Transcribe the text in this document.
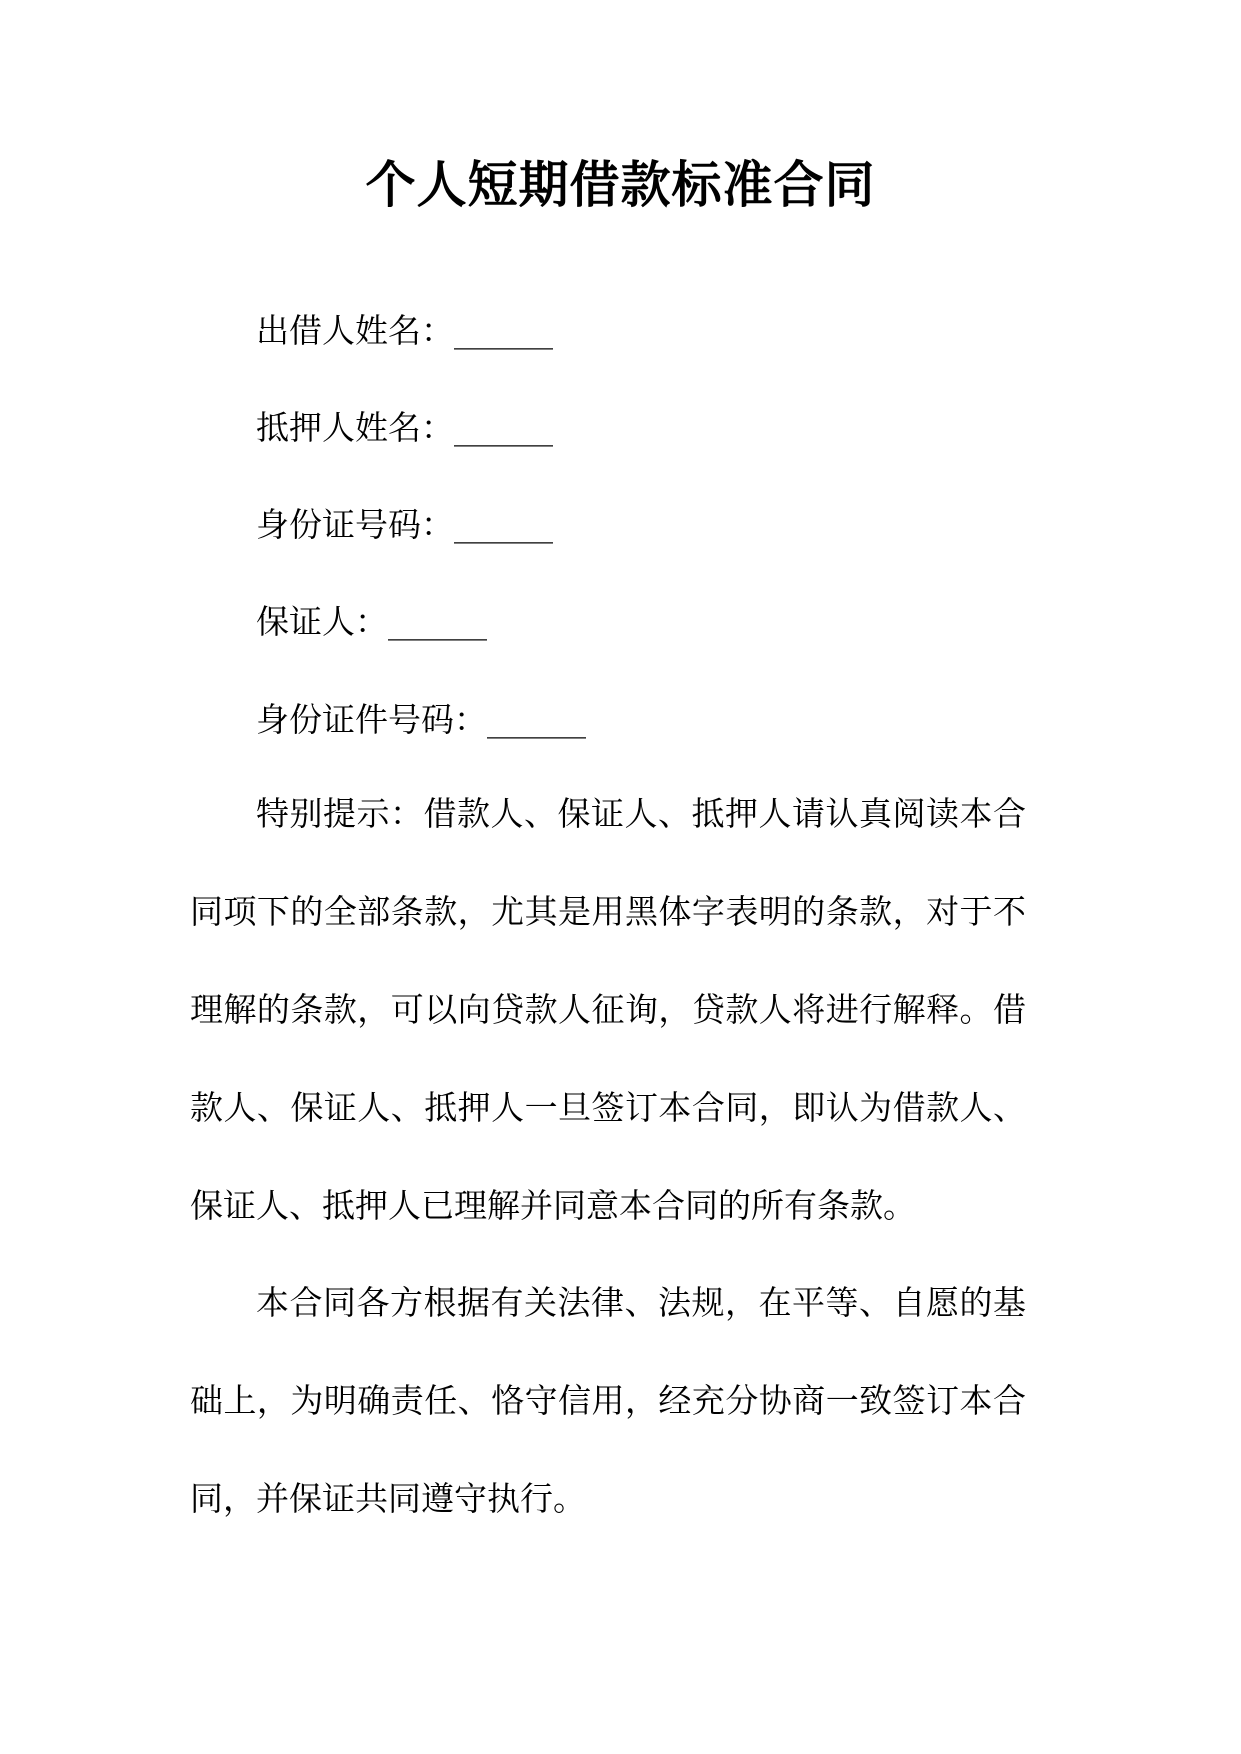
个人短期借款标准合同

出借人姓名：______

抵押人姓名：______

身份证号码：______

保证人：______

身份证件号码：______

特别提示：借款人、保证人、抵押人请认真阅读本合同项下的全部条款，尤其是用黑体字表明的条款，对于不理解的条款，可以向贷款人征询，贷款人将进行解释。借款人、保证人、抵押人一旦签订本合同，即认为借款人、保证人、抵押人已理解并同意本合同的所有条款。

本合同各方根据有关法律、法规，在平等、自愿的基础上，为明确责任、恪守信用，经充分协商一致签订本合同，并保证共同遵守执行。
